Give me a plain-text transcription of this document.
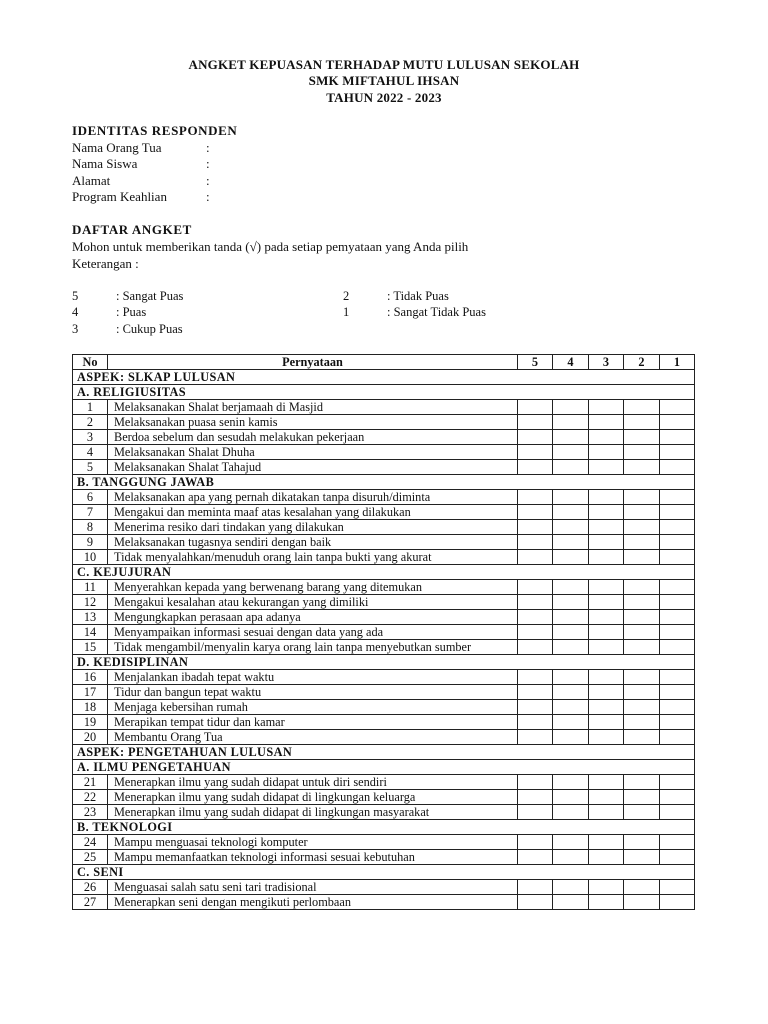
ANGKET KEPUASAN TERHADAP MUTU LULUSAN SEKOLAH
SMK MIFTAHUL IHSAN
TAHUN 2022 - 2023
IDENTITAS RESPONDEN
Nama Orang Tua	:
Nama Siswa	:
Alamat	:
Program Keahlian	:
DAFTAR ANGKET
Mohon untuk memberikan tanda (√) pada setiap pemyataan yang Anda pilih
Keterangan :
5	: Sangat Puas
4	: Puas
3	: Cukup Puas
2	: Tidak Puas
1	: Sangat Tidak Puas
No	Pernyataan	5	4	3	2	1
ASPEK: SLKAP LULUSAN						
A. RELIGIUSITAS						
1	Melaksanakan Shalat berjamaah di Masjid					
2	Melaksanakan puasa senin kamis					
3	Berdoa sebelum dan sesudah melakukan pekerjaan					
4	Melaksanakan Shalat Dhuha					
5	Melaksanakan Shalat Tahajud					
B. TANGGUNG JAWAB						
6	Melaksanakan apa yang pernah dikatakan tanpa disuruh/diminta					
7	Mengakui dan meminta maaf atas kesalahan yang dilakukan					
8	Menerima resiko dari tindakan yang dilakukan					
9	Melaksanakan tugasnya sendiri dengan baik					
10	Tidak menyalahkan/menuduh orang lain tanpa bukti yang akurat					
C. KEJUJURAN						
11	Menyerahkan kepada yang berwenang barang yang ditemukan					
12	Mengakui kesalahan atau kekurangan yang dimiliki					
13	Mengungkapkan perasaan apa adanya					
14	Menyampaikan informasi sesuai dengan data yang ada					
15	Tidak mengambil/menyalin karya orang lain tanpa menyebutkan sumber					
D. KEDISIPLINAN						
16	Menjalankan ibadah tepat waktu					
17	Tidur dan bangun tepat waktu					
18	Menjaga kebersihan rumah					
19	Merapikan tempat tidur dan kamar					
20	Membantu Orang Tua					
ASPEK: PENGETAHUAN LULUSAN						
A. ILMU PENGETAHUAN						
21	Menerapkan ilmu yang sudah didapat untuk diri sendiri					
22	Menerapkan ilmu yang sudah didapat di lingkungan keluarga					
23	Menerapkan ilmu yang sudah didapat di lingkungan masyarakat					
B. TEKNOLOGI						
24	Mampu menguasai teknologi komputer					
25	Mampu memanfaatkan teknologi informasi sesuai kebutuhan					
C. SENI						
26	Menguasai salah satu seni tari tradisional					
27	Menerapkan seni dengan mengikuti perlombaan					
